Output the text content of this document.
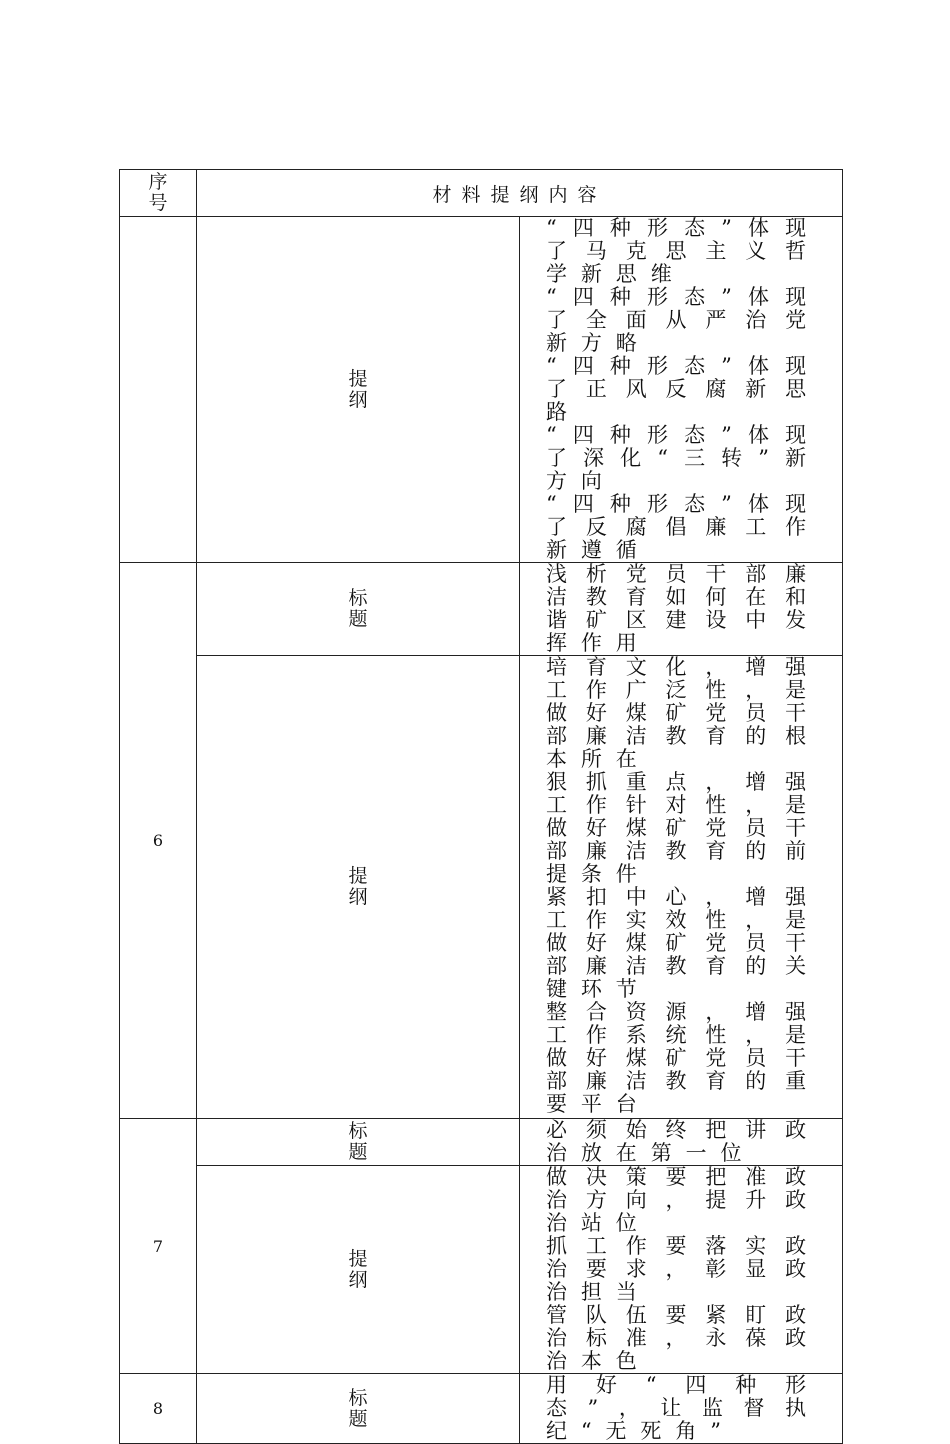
序号	材料提纲内容	
	提纲	“四种形态”体现了马克思主义哲学新思维
“四种形态”体现了全面从严治党新方略
“四种形态”体现了正风反腐新思路
“四种形态”体现了深化“三转”新方向
“四种形态”体现了反腐倡廉工作新遵循

6	标题	浅析党员干部廉洁教育如何在和谐矿区建设中发挥作用

	提纲	培育文化，增强工作广泛性，是做好煤矿党员干部廉洁教育的根本所在
狠抓重点，增强工作针对性，是做好煤矿党员干部廉洁教育的前提条件
紧扣中心，增强工作实效性，是做好煤矿党员干部廉洁教育的关键环节
整合资源，增强工作系统性，是做好煤矿党员干部廉洁教育的重要平台

7	标题	必须始终把讲政治放在第一位

	提纲	做决策要把准政治方向，提升政治站位
抓工作要落实政治要求，彰显政治担当
管队伍要紧盯政治标准，永葆政治本色

8	标题	用好“四种形态”，让监督执纪“无死角”
